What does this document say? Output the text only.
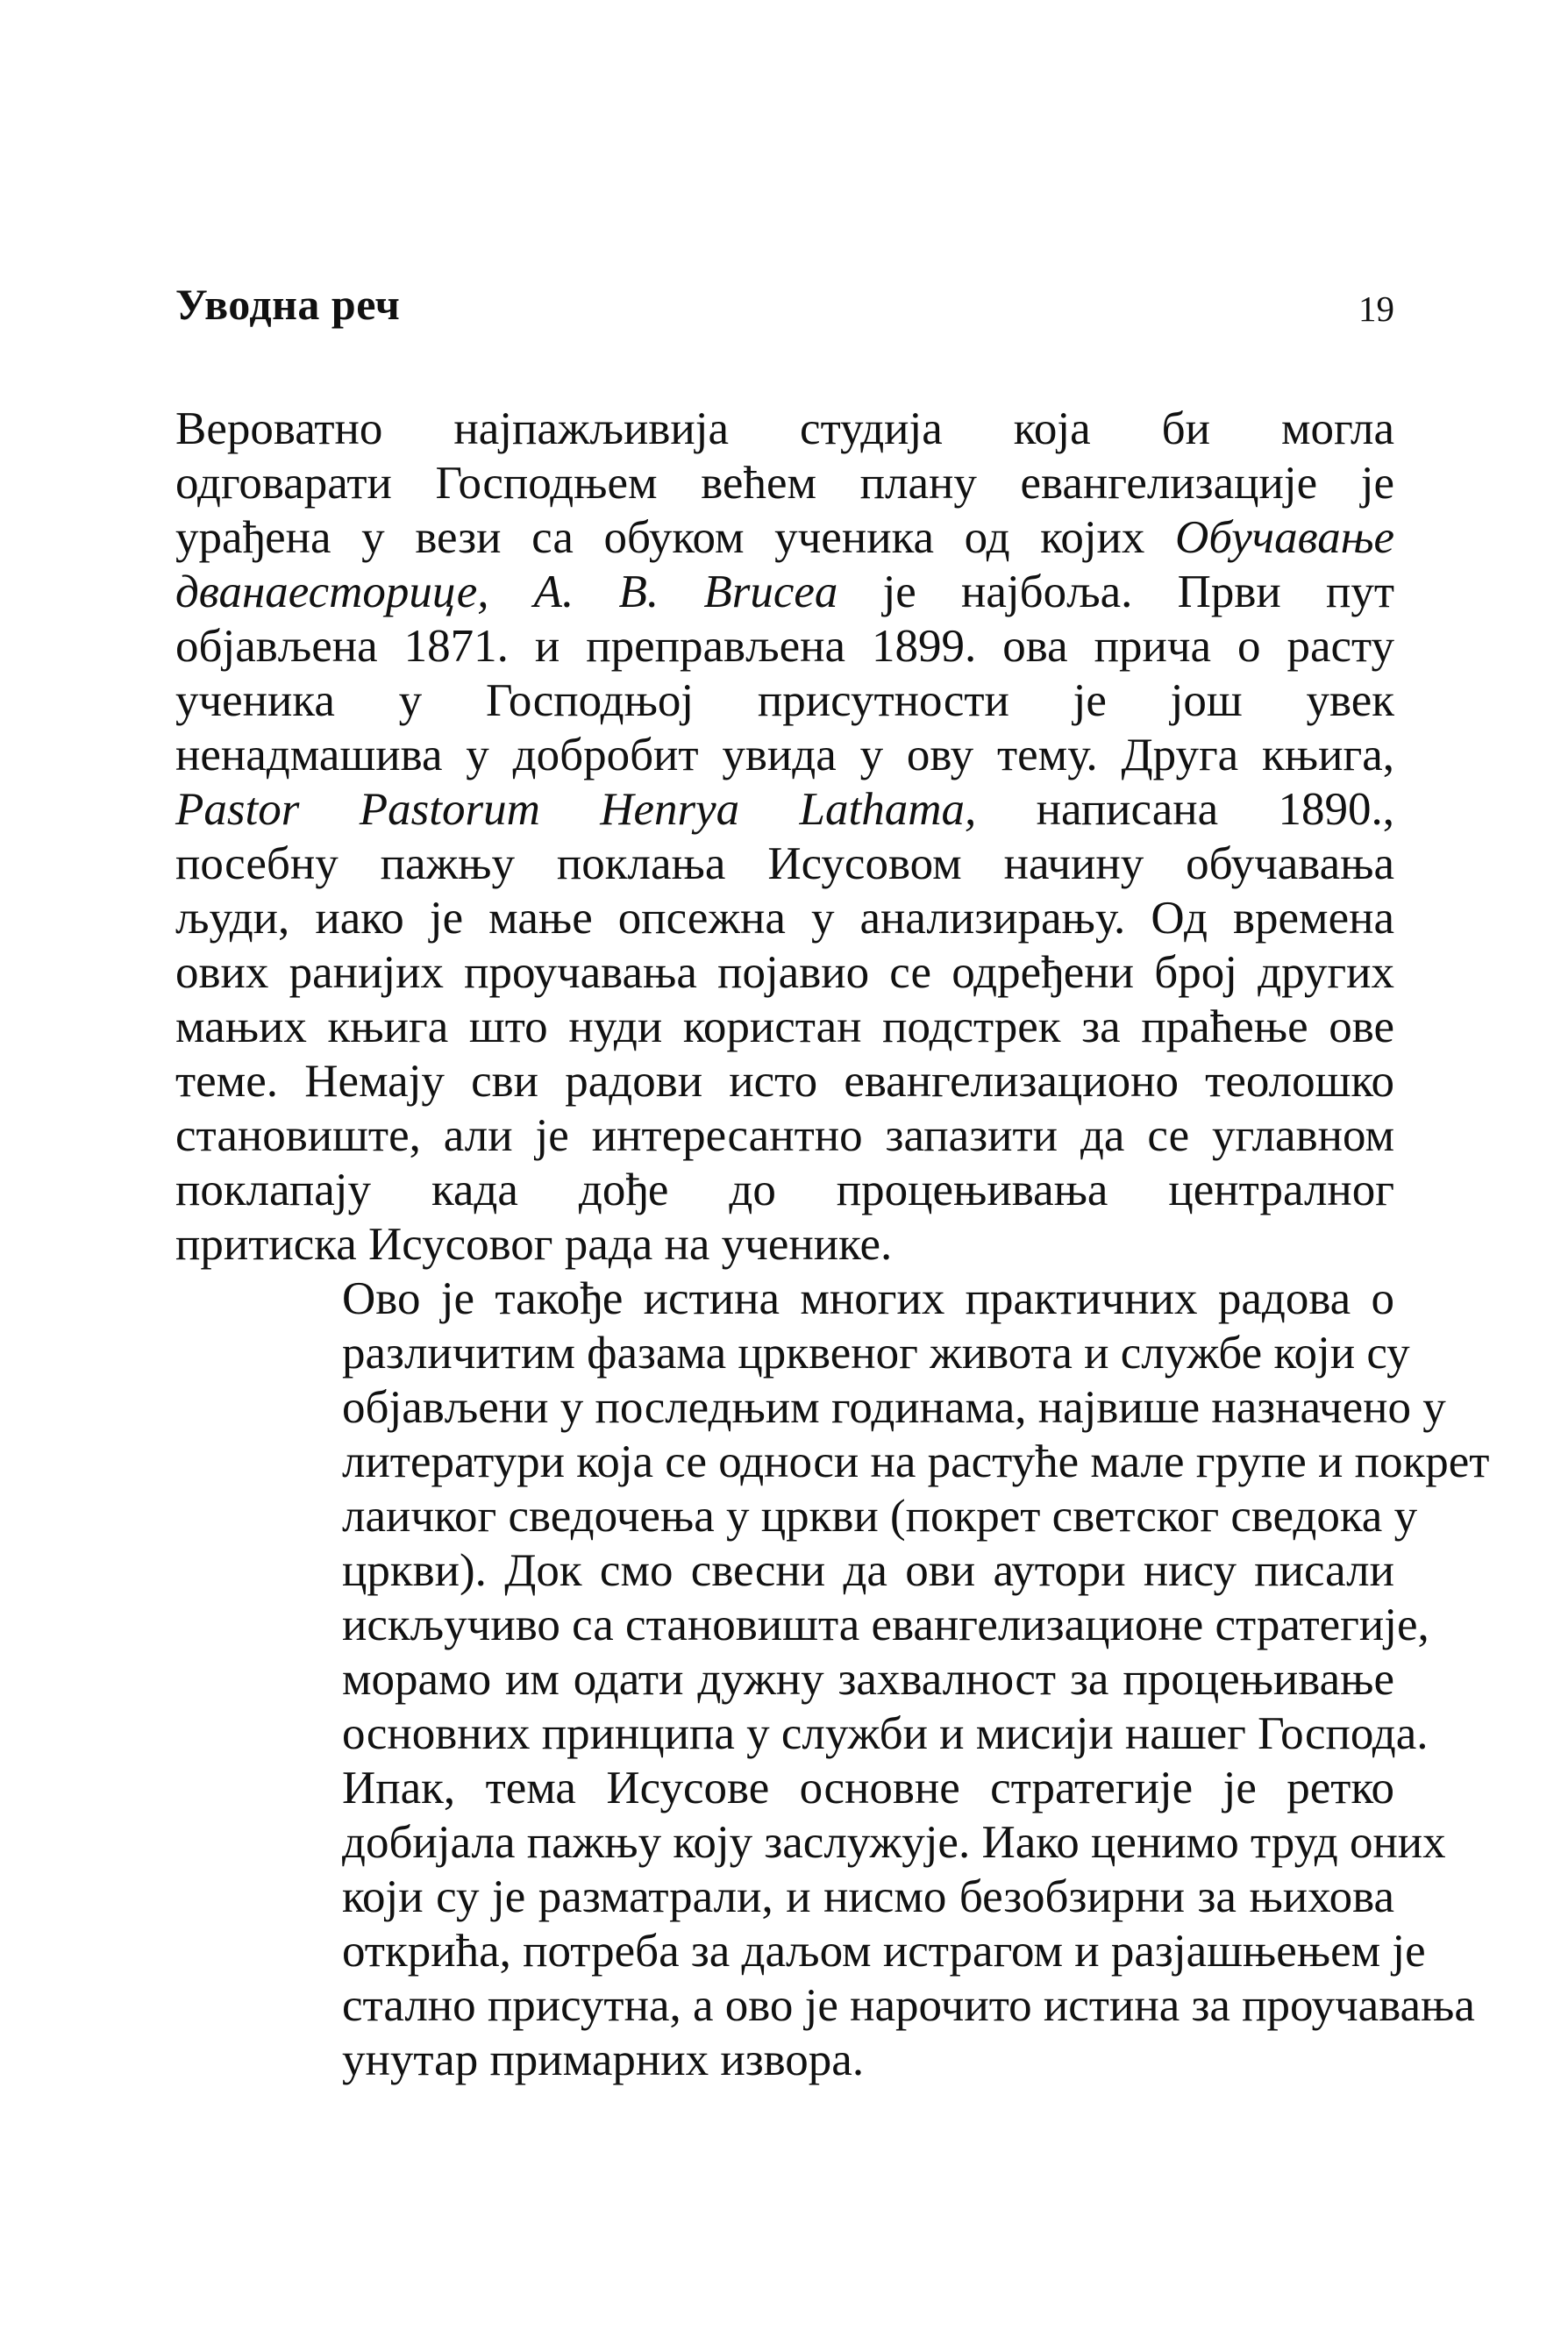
Уводна реч	19

Вероватно најпажљивија студија која би могла
одговарати Господњем већем плану евангелизације је
урађена у вези са обуком ученика од којих Обучавање
дванаесторице, А. В. Brucea је најбоља. Први пут
објављена 1871. и преправљена 1899. ова прича о расту
ученика у Господњој присутности је још увек
ненадмашива у добробит увида у ову тему. Друга књига,
Pastor Pastorum Henrya Lathama, написана 1890.,
посебну пажњу поклања Исусовом начину обучавања
људи, иако је мање опсежна у анализирању. Од времена
ових ранијих проучавања појавио се одређени број других
мањих књига што нуди користан подстрек за праћење ове
теме. Немају сви радови исто евангелизационо теолошко
становиште, али је интересантно запазити да се углавном
поклапају када дође до процењивања централног
притиска Исусовог рада на ученике.

Ово је такође истина многих практичних радова о
различитим фазама црквеног живота и службе који су
објављени у последњим годинама, највише назначено у
литератури која се односи на растуће мале групе и покрет
лаичког сведочења у цркви (покрет светског сведока у
цркви). Док смо свесни да ови аутори нису писали
искључиво са становишта евангелизационе стратегије,
морамо им одати дужну захвалност за процењивање
основних принципа у служби и мисији нашег Господа.

Ипак, тема Исусове основне стратегије је ретко
добијала пажњу коју заслужује. Иако ценимо труд оних
који су је разматрали, и нисмо безобзирни за њихова
открића, потреба за даљом истрагом и разјашњењем је
стално присутна, а ово је нарочито истина за проучавања
унутар примарних извора.
